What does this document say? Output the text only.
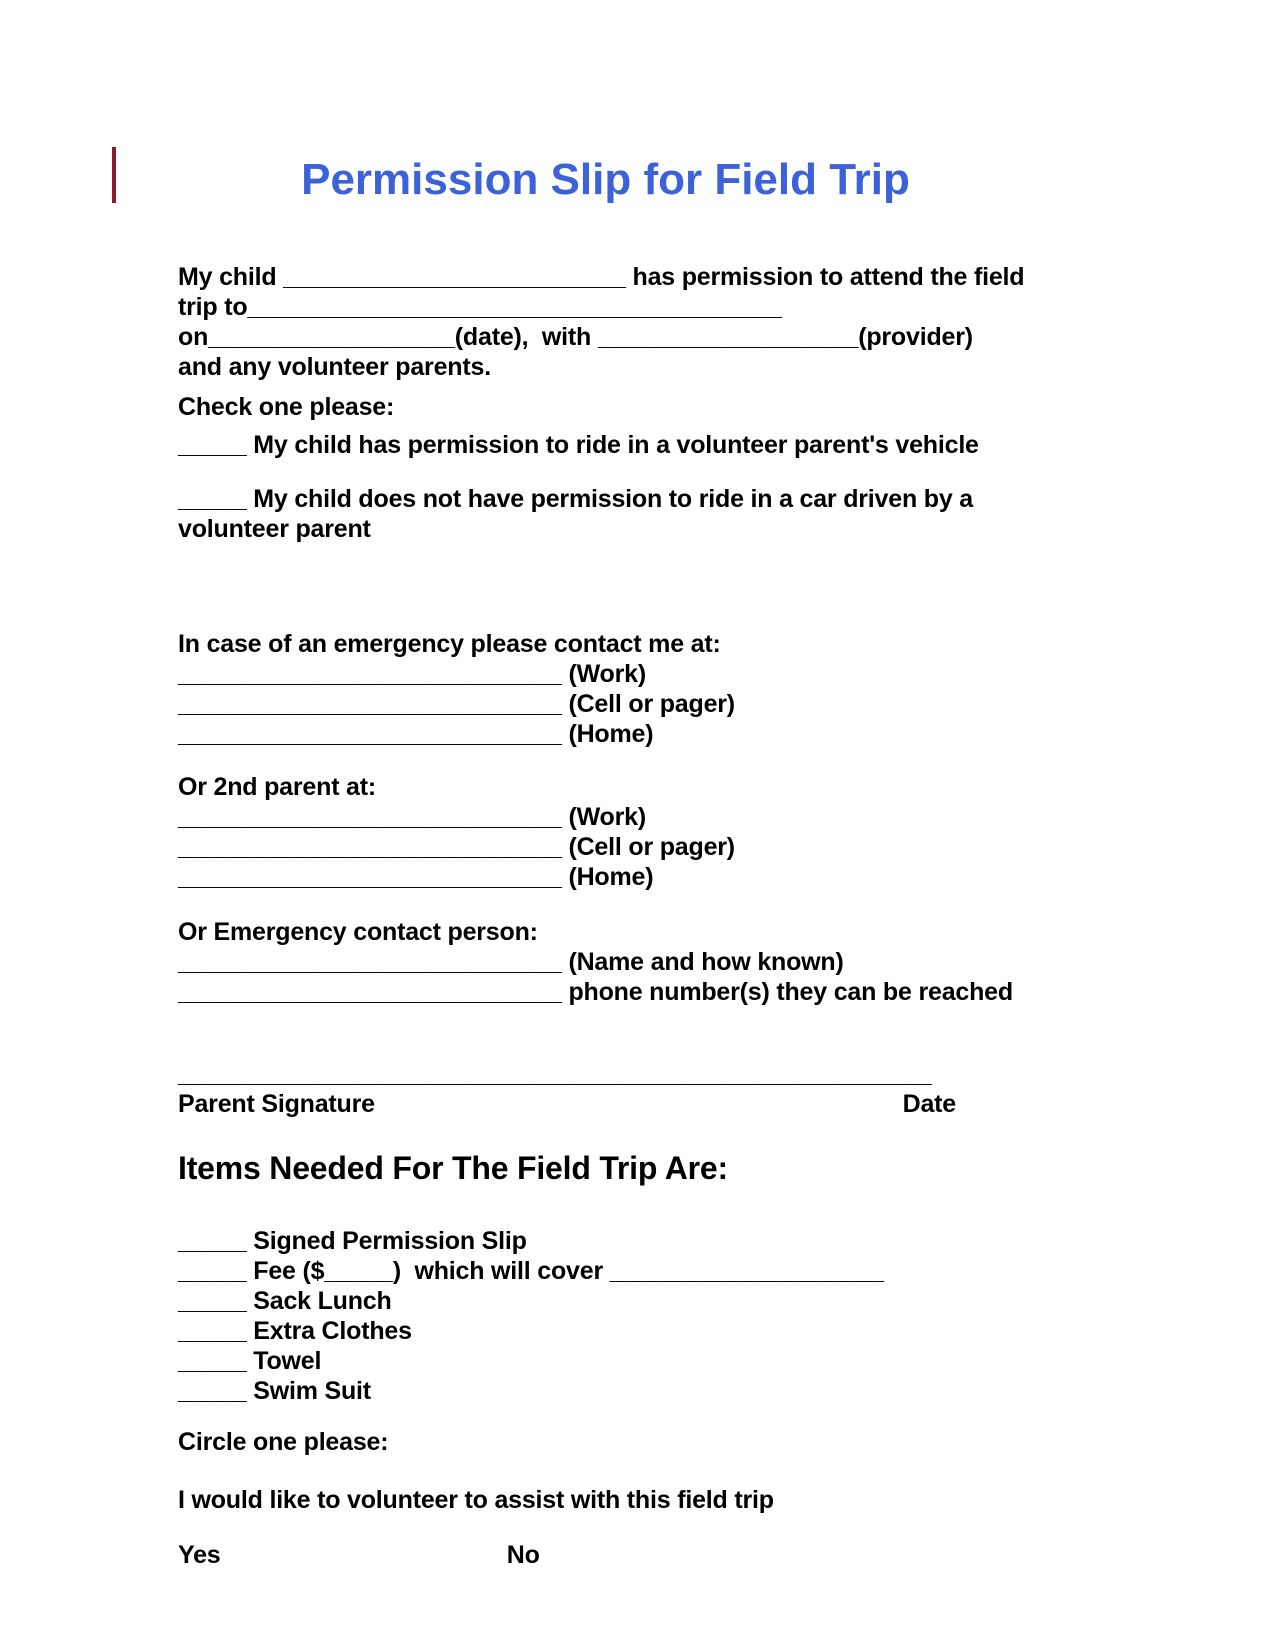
Permission Slip for Field Trip
My child _________________________ has permission to attend the field
trip to_______________________________________
on__________________(date),  with ___________________(provider)
and any volunteer parents.
Check one please:
_____ My child has permission to ride in a volunteer parent's vehicle
_____ My child does not have permission to ride in a car driven by a
volunteer parent
In case of an emergency please contact me at:
____________________________ (Work)
____________________________ (Cell or pager)
____________________________ (Home)
Or 2nd parent at:
____________________________ (Work)
____________________________ (Cell or pager)
____________________________ (Home)
Or Emergency contact person:
____________________________ (Name and how known)
____________________________ phone number(s) they can be reached
_______________________________________________________
Parent Signature	Date
Items Needed For The Field Trip Are:
_____ Signed Permission Slip
_____ Fee ($_____)  which will cover ____________________
_____ Sack Lunch
_____ Extra Clothes
_____ Towel
_____ Swim Suit
Circle one please:
I would like to volunteer to assist with this field trip
Yes	No
